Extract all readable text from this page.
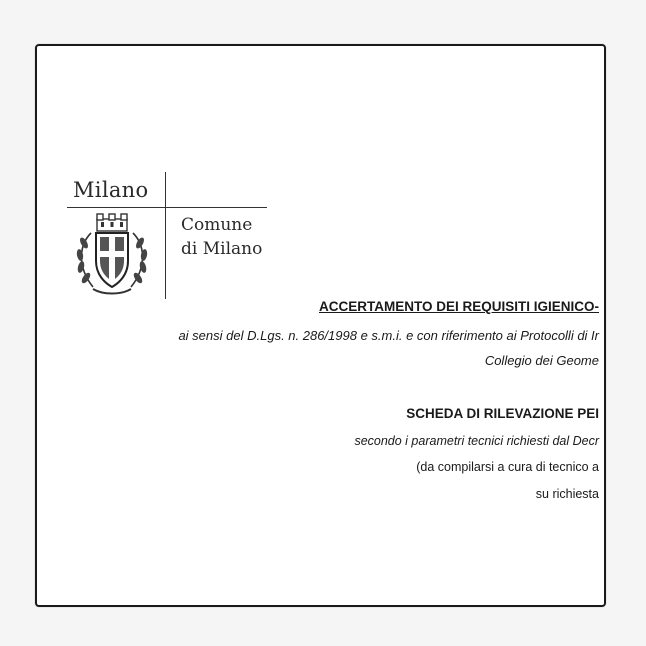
Milano
Comune
di Milano
ACCERTAMENTO DEI REQUISITI IGIENICO-
ai sensi del D.Lgs. n. 286/1998 e s.m.i. e con riferimento ai Protocolli di Ir
Collegio dei Geome
SCHEDA DI RILEVAZIONE PEI
secondo i parametri tecnici richiesti dal Decr
(da compilarsi a cura di tecnico a
su richiesta
